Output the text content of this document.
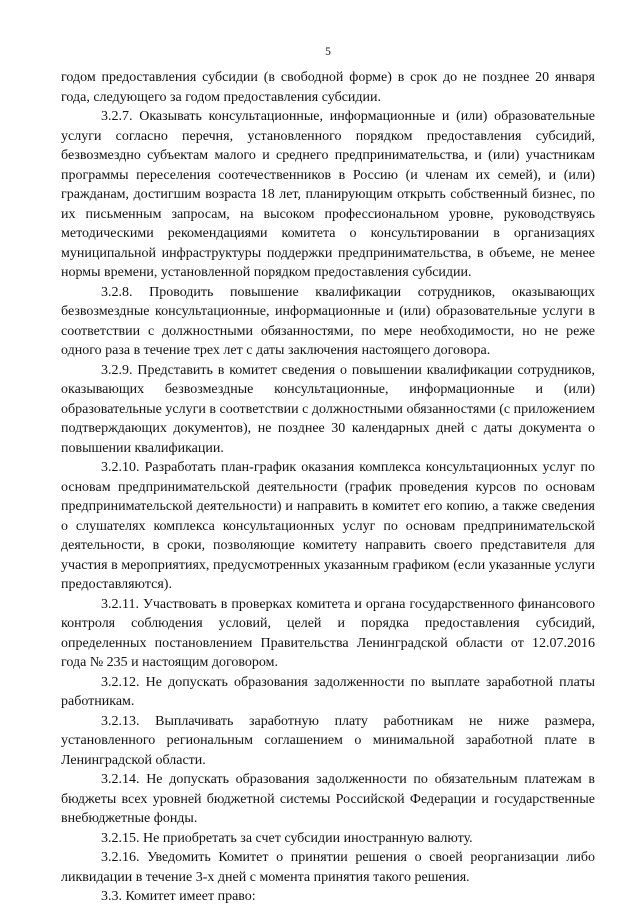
5

годом предоставления субсидии (в свободной форме) в срок до не позднее 20 января года, следующего за годом предоставления субсидии.

3.2.7. Оказывать консультационные, информационные и (или) образовательные услуги согласно перечня, установленного порядком предоставления субсидий, безвозмездно субъектам малого и среднего предпринимательства, и (или) участникам программы переселения соотечественников в Россию (и членам их семей), и (или) гражданам, достигшим возраста 18 лет, планирующим открыть собственный бизнес, по их письменным запросам, на высоком профессиональном уровне, руководствуясь методическими рекомендациями комитета о консультировании в организациях муниципальной инфраструктуры поддержки предпринимательства, в объеме, не менее нормы времени, установленной порядком предоставления субсидии.

3.2.8. Проводить повышение квалификации сотрудников, оказывающих безвозмездные консультационные, информационные и (или) образовательные услуги в соответствии с должностными обязанностями, по мере необходимости, но не реже одного раза в течение трех лет с даты заключения настоящего договора.

3.2.9. Представить в комитет сведения о повышении квалификации сотрудников, оказывающих безвозмездные консультационные, информационные и (или) образовательные услуги в соответствии с должностными обязанностями (с приложением подтверждающих документов), не позднее 30 календарных дней с даты документа о повышении квалификации.

3.2.10. Разработать план-график оказания комплекса консультационных услуг по основам предпринимательской деятельности (график проведения курсов по основам предпринимательской деятельности) и направить в комитет его копию, а также сведения о слушателях комплекса консультационных услуг по основам предпринимательской деятельности, в сроки, позволяющие комитету направить своего представителя для участия в мероприятиях, предусмотренных указанным графиком (если указанные услуги предоставляются).

3.2.11. Участвовать в проверках комитета и органа государственного финансового контроля соблюдения условий, целей и порядка предоставления субсидий, определенных постановлением Правительства Ленинградской области от 12.07.2016 года № 235 и настоящим договором.

3.2.12. Не допускать образования задолженности по выплате заработной платы работникам.

3.2.13. Выплачивать заработную плату работникам не ниже размера, установленного региональным соглашением о минимальной заработной плате в Ленинградской области.

3.2.14. Не допускать образования задолженности по обязательным платежам в бюджеты всех уровней бюджетной системы Российской Федерации и государственные внебюджетные фонды.

3.2.15. Не приобретать за счет субсидии иностранную валюту.

3.2.16. Уведомить Комитет о принятии решения о своей реорганизации либо ликвидации в течение 3-х дней с момента принятия такого решения.

3.3. Комитет имеет право:
